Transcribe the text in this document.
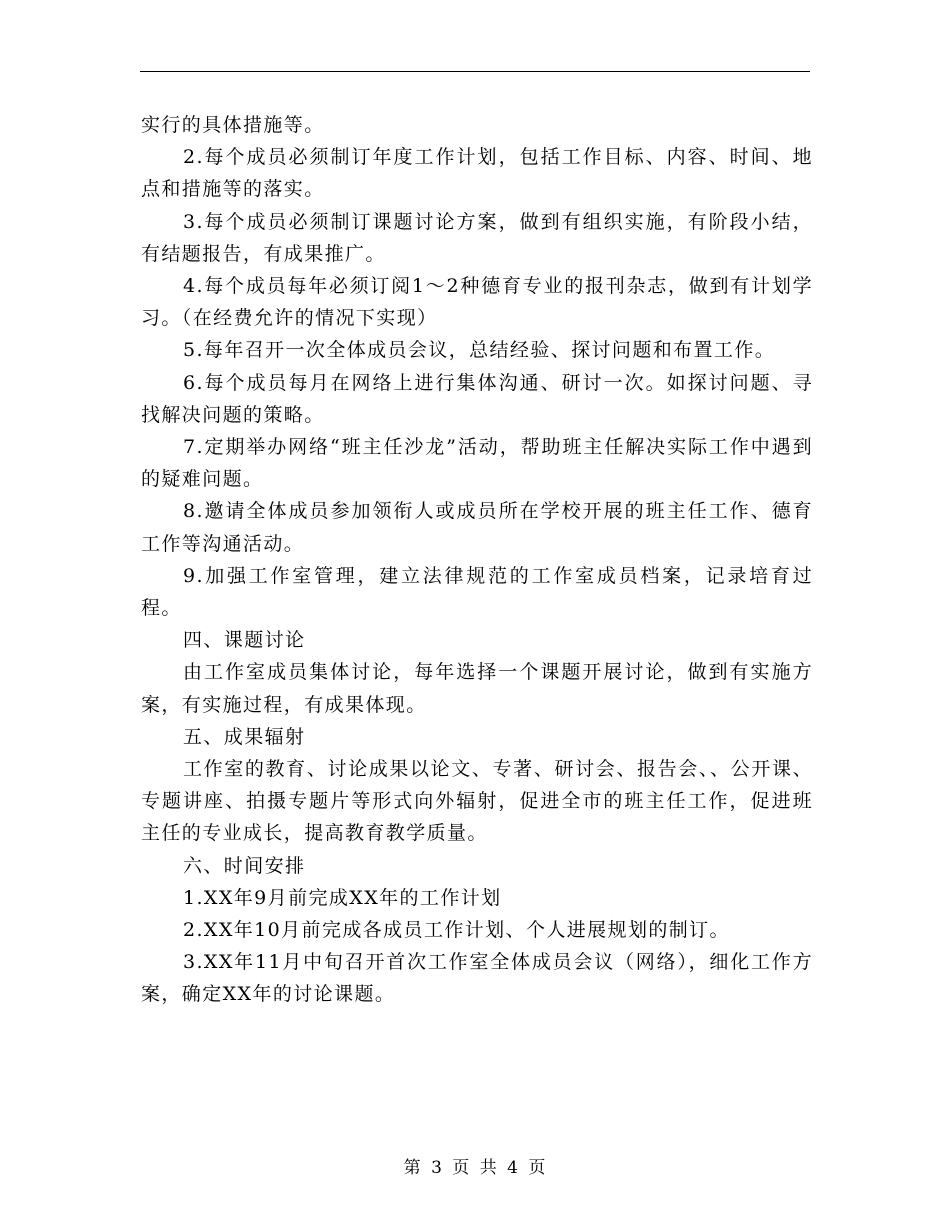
实行的具体措施等。

2.每个成员必须制订年度工作计划，包括工作目标、内容、时间、地点和措施等的落实。

3.每个成员必须制订课题讨论方案，做到有组织实施，有阶段小结，有结题报告，有成果推广。

4.每个成员每年必须订阅1～2种德育专业的报刊杂志，做到有计划学习。（在经费允许的情况下实现）

5.每年召开一次全体成员会议，总结经验、探讨问题和布置工作。

6.每个成员每月在网络上进行集体沟通、研讨一次。如探讨问题、寻找解决问题的策略。

7.定期举办网络“班主任沙龙”活动，帮助班主任解决实际工作中遇到的疑难问题。

8.邀请全体成员参加领衔人或成员所在学校开展的班主任工作、德育工作等沟通活动。

9.加强工作室管理，建立法律规范的工作室成员档案，记录培育过程。

四、课题讨论

由工作室成员集体讨论，每年选择一个课题开展讨论，做到有实施方案，有实施过程，有成果体现。

五、成果辐射

工作室的教育、讨论成果以论文、专著、研讨会、报告会、、公开课、专题讲座、拍摄专题片等形式向外辐射，促进全市的班主任工作，促进班主任的专业成长，提高教育教学质量。

六、时间安排

1.XX年9月前完成XX年的工作计划

2.XX年10月前完成各成员工作计划、个人进展规划的制订。

3.XX年11月中旬召开首次工作室全体成员会议（网络），细化工作方案，确定XX年的讨论课题。

第 3 页 共 4 页
